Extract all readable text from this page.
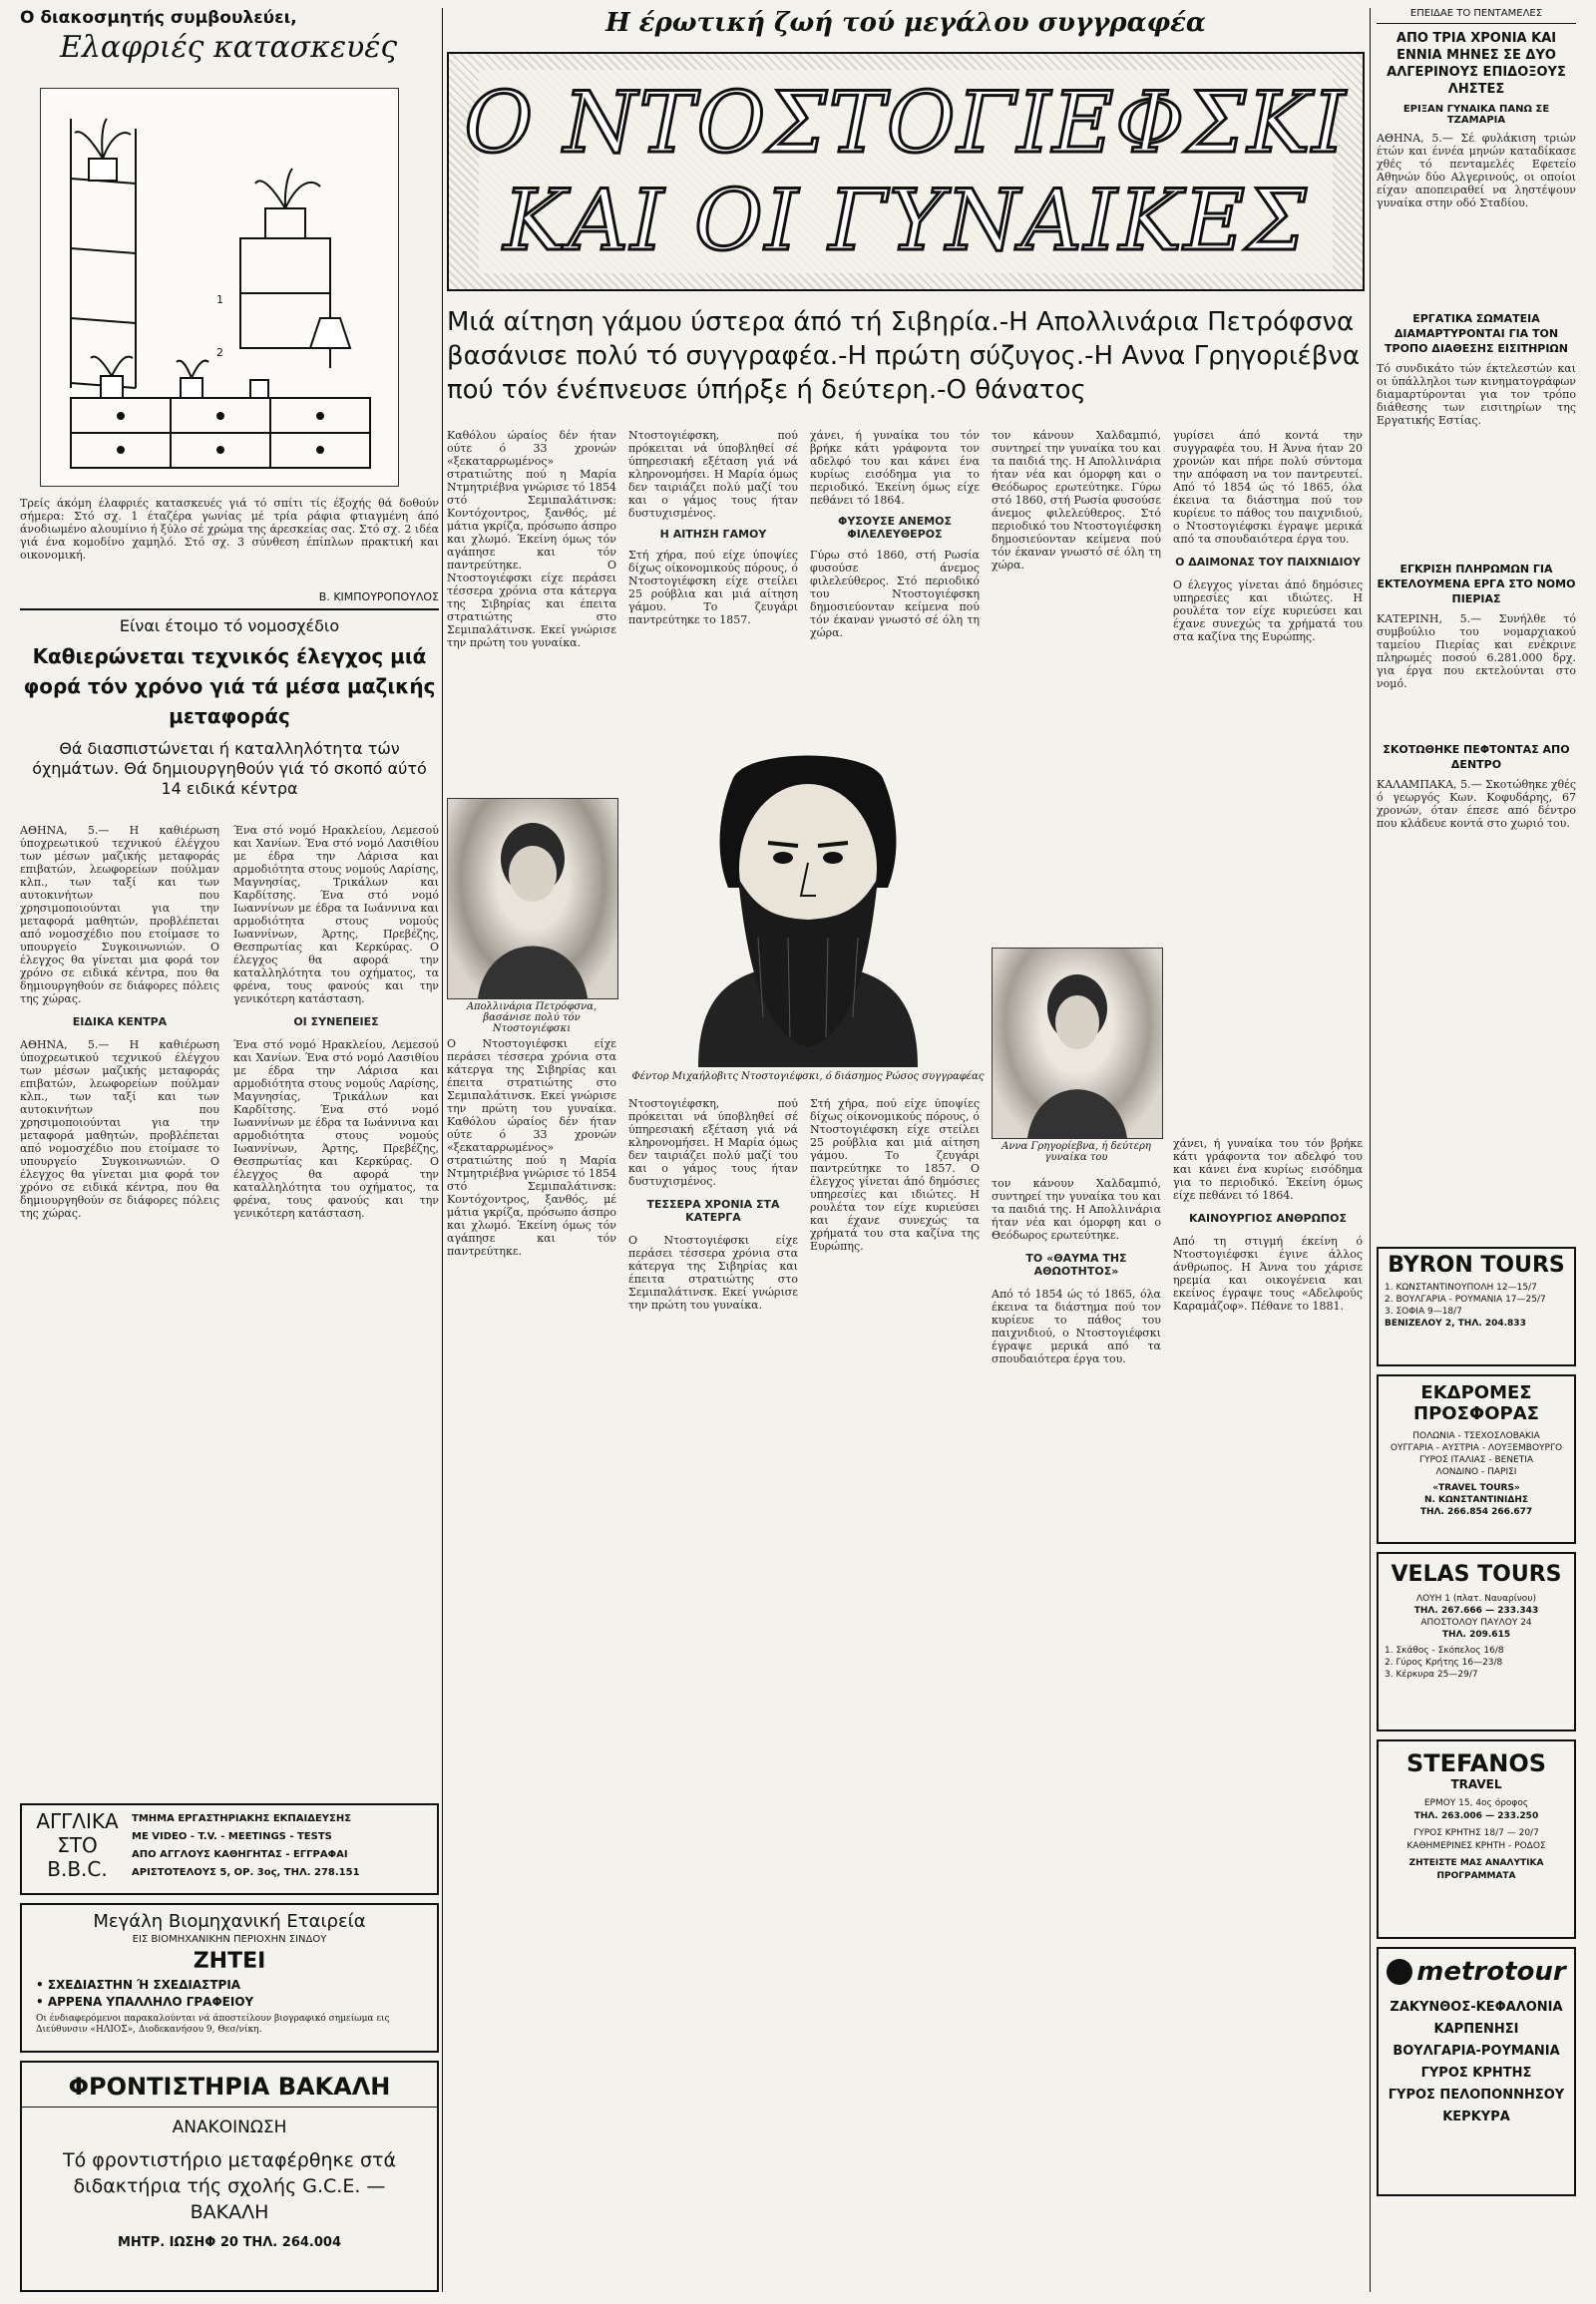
Ο διακοσμητής συμβουλεύει,
Ελαφριές κατασκευές
1
2
Τρείς άκόμη έλαφριές κατασκευές γιά τό σπίτι τίς έξοχής θά δοθούν σήμερα: Στό σχ. 1 έταζέρα γωνίας μέ τρία ράφια φτιαγμένη άπό άνοδιωμένο αλουμίνιο ή ξύλο σέ χρώμα της άρεσκείας σας. Στό σχ. 2 ιδέα γιά ένα κομοδίνο χαμηλό. Στό σχ. 3 σύνθεση έπίπλων πρακτική και οικονομική.
Β. ΚΙΜΠΟΥΡΟΠΟΥΛΟΣ
Είναι έτοιμο τό νομοσχέδιο
Καθιερώνεται τεχνικός έλεγχος μιά φορά τόν χρόνο γιά τά μέσα μαζικής μεταφοράς
Θά διασπιστώνεται ή καταλληλότητα τών όχημάτων. Θά δημιουργηθούν γιά τό σκοπό αύτό 14 ειδικά κέντρα
ΑΘΗΝΑ, 5.— Η καθιέρωση ύποχρεωτικού τεχνικού έλέγχου των μέσων μαζικής μεταφοράς επιβατών, λεωφορείων πούλμαν κλπ., των ταξί και των αυτοκινήτων που χρησιμοποιούνται για την μεταφορά μαθητών, προβλέπεται από νομοσχέδιο που ετοίμασε το υπουργείο Συγκοινωνιών. Ο έλεγχος θα γίνεται μια φορά τον χρόνο σε ειδικά κέντρα, που θα δημιουργηθούν σε διάφορες πόλεις της χώρας.
ΕΙΔΙΚΑ ΚΕΝΤΡΑ
ΑΘΗΝΑ, 5.— Η καθιέρωση ύποχρεωτικού τεχνικού έλέγχου των μέσων μαζικής μεταφοράς επιβατών, λεωφορείων πούλμαν κλπ., των ταξί και των αυτοκινήτων που χρησιμοποιούνται για την μεταφορά μαθητών, προβλέπεται από νομοσχέδιο που ετοίμασε το υπουργείο Συγκοινωνιών. Ο έλεγχος θα γίνεται μια φορά τον χρόνο σε ειδικά κέντρα, που θα δημιουργηθούν σε διάφορες πόλεις της χώρας.
Ένα στό νομό Ηρακλείου, Λεμεσού και Χανίων. Ένα στό νομό Λασιθίου με έδρα την Λάρισα και αρμοδιότητα στους νομούς Λαρίσης, Μαγνησίας, Τρικάλων και Καρδίτσης. Ένα στό νομό Ιωαννίνων με έδρα τα Ιωάννινα και αρμοδιότητα στους νομούς Ιωαννίνων, Άρτης, Πρεβέζης, Θεσπρωτίας και Κερκύρας. Ο έλεγχος θα αφορά την καταλληλότητα του οχήματος, τα φρένα, τους φανούς και την γενικότερη κατάσταση.
ΟΙ ΣΥΝΕΠΕΙΕΣ
Ένα στό νομό Ηρακλείου, Λεμεσού και Χανίων. Ένα στό νομό Λασιθίου με έδρα την Λάρισα και αρμοδιότητα στους νομούς Λαρίσης, Μαγνησίας, Τρικάλων και Καρδίτσης. Ένα στό νομό Ιωαννίνων με έδρα τα Ιωάννινα και αρμοδιότητα στους νομούς Ιωαννίνων, Άρτης, Πρεβέζης, Θεσπρωτίας και Κερκύρας. Ο έλεγχος θα αφορά την καταλληλότητα του οχήματος, τα φρένα, τους φανούς και την γενικότερη κατάσταση.
ΑΓΓΛΙΚΑ
ΣΤΟ
B.B.C.
ΤΜΗΜΑ ΕΡΓΑΣΤΗΡΙΑΚΗΣ ΕΚΠΑΙΔΕΥΣΗΣ
ME VIDEO - T.V. - MEETINGS - TESTS
ΑΠΟ ΑΓΓΛΟΥΣ ΚΑΘΗΓΗΤΑΣ - ΕΓΓΡΑΦΑΙ
ΑΡΙΣΤΟΤΕΛΟΥΣ 5, ΟΡ. 3ος, ΤΗΛ. 278.151
Μεγάλη Βιομηχανική Εταιρεία
ΕΙΣ ΒΙΟΜΗΧΑΝΙΚΗΝ ΠΕΡΙΟΧΗΝ ΣΙΝΔΟΥ
ΖΗΤΕΙ
• ΣΧΕΔΙΑΣΤΗΝ Ή ΣΧΕΔΙΑΣΤΡΙΑ
• ΑΡΡΕΝΑ ΥΠΑΛΛΗΛΟ ΓΡΑΦΕΙΟΥ
Οι ένδιαφερόμενοι παρακαλούνται νά άποστείλουν βιογραφικό σημείωμα εις Διεύθυνσιν «ΗΛΙΟΣ», Διοδεκανήσου 9, Θεσ/νίκη.
ΦΡΟΝΤΙΣΤΗΡΙΑ ΒΑΚΑΛΗ
ΑΝΑΚΟΙΝΩΣΗ
Τό φροντιστήριο μεταφέρθηκε στά διδακτήρια τής σχολής G.C.E. — ΒΑΚΑΛΗ
ΜΗΤΡ. ΙΩΣΗΦ 20 ΤΗΛ. 264.004
Η έρωτική ζωή τού μεγάλου συγγραφέα
Ο ΝΤΟΣΤΟΓΙΕΦΣΚΙ
ΚΑΙ ΟΙ ΓΥΝΑΙΚΕΣ
Μιά αίτηση γάμου ύστερα άπό τή Σιβηρία.-Η Απολλινάρια Πετρόφσνα βασάνισε πολύ τό συγγραφέα.-Η πρώτη σύζυγος.-Η Αννα Γρηγοριέβνα πού τόν ένέπνευσε ύπήρξε ή δεύτερη.-Ο θάνατος
Καθόλου ώραίος δέν ήταν ούτε ό 33 χρονών «ξεκαταρρωμένος» στρατιώτης πού η Μαρία Ντμητριέβνα γνώρισε τό 1854 στό Σεμιπαλάτινσκ: Κοντόχοντρος, ξανθός, μέ μάτια γκρίζα, πρόσωπο άσπρο και χλωμό. Έκείνη όμως τόν αγάπησε και τόν παντρεύτηκε.	Ο Ντοστογιέφσκι είχε περάσει τέσσερα χρόνια στα κάτεργα της Σιβηρίας και έπειτα στρατιώτης στο Σεμιπαλάτινσκ. Εκεί γνώρισε την πρώτη του γυναίκα.
Ντοστογιέφσκη, πού πρόκειται νά ύποβληθεί σέ ύπηρεσιακή εξέταση γιά νά κληρονομήσει. Η Μαρία όμως δεν ταιριάζει πολύ μαζί του και ο γάμος τους ήταν δυστυχισμένος.
Η ΑΙΤΗΣΗ ΓΑΜΟΥ
Στή χήρα, πού είχε ύποψίες δίχως οίκονομικούς πόρους, ό Ντοστογιέφσκη είχε στείλει 25 ρούβλια και μιά αίτηση γάμου. Το ζευγάρι παντρεύτηκε το 1857.
χάνει, ή γυναίκα του τόν βρήκε κάτι γράφοντα τον αδελφό του και κάνει ένα κυρίως εισόδημα για το περιοδικό. Έκείνη όμως είχε πεθάνει τό 1864.
ΦΥΣΟΥΣΕ ΑΝΕΜΟΣ ΦΙΛΕΛΕΥΘΕΡΟΣ
Γύρω στό 1860, στή Ρωσία φυσούσε άνεμος φιλελεύθερος. Στό περιοδικό του Ντοστογιέφσκη δημοσιεύονταν κείμενα πού τόν έκαναν γνωστό σέ όλη τη χώρα.
τον κάνουν Χαλδαμπιό, συντηρεί την γυναίκα του και τα παιδιά της. Η Απολλινάρια ήταν νέα και όμορφη και ο Θεόδωρος ερωτεύτηκε. Γύρω στό 1860, στή Ρωσία φυσούσε άνεμος φιλελεύθερος. Στό περιοδικό του Ντοστογιέφσκη δημοσιεύονταν κείμενα πού τόν έκαναν γνωστό σέ όλη τη χώρα.
γυρίσει άπό κοντά την συγγραφέα του. Η Άννα ήταν 20 χρονών και πήρε πολύ σύντομα την απόφαση να τον παντρευτεί. Από τό 1854 ώς τό 1865, όλα έκεινα τα διάστημα πού τον κυρίευε το πάθος του παιχνιδιού, ο Ντοστογιέφσκι έγραψε μερικά από τα σπουδαιότερα έργα του.
Ο ΔΑΙΜΟΝΑΣ ΤΟΥ ΠΑΙΧΝΙΔΙΟΥ
Ο έλεγχος γίνεται άπό δημόσιες υπηρεσίες και ιδιώτες. Η ρουλέτα τον είχε κυριεύσει και έχανε συνεχώς τα χρήματά του στα καζίνα της Ευρώπης.
Φέντορ Μιχαήλοβιτς Ντοστογιέφσκι, ό διάσημος Ρώσος συγγραφέας
Απολλινάρια Πετρόφσνα, βασάνισε πολύ τόν Ντοστογιέφσκι
Αννα Γρηγορίεβνα, ή δεύτερη γυναίκα του
Ο Ντοστογιέφσκι είχε περάσει τέσσερα χρόνια στα κάτεργα της Σιβηρίας και έπειτα στρατιώτης στο Σεμιπαλάτινσκ. Εκεί γνώρισε την πρώτη του γυναίκα. Καθόλου ώραίος δέν ήταν ούτε ό 33 χρονών «ξεκαταρρωμένος» στρατιώτης πού η Μαρία Ντμητριέβνα γνώρισε τό 1854 στό Σεμιπαλάτινσκ: Κοντόχοντρος, ξανθός, μέ μάτια γκρίζα, πρόσωπο άσπρο και χλωμό. Έκείνη όμως τόν αγάπησε και τόν παντρεύτηκε.
Ντοστογιέφσκη, πού πρόκειται νά ύποβληθεί σέ ύπηρεσιακή εξέταση γιά νά κληρονομήσει. Η Μαρία όμως δεν ταιριάζει πολύ μαζί του και ο γάμος τους ήταν δυστυχισμένος.
ΤΕΣΣΕΡΑ ΧΡΟΝΙΑ ΣΤΑ ΚΑΤΕΡΓΑ
Ο Ντοστογιέφσκι είχε περάσει τέσσερα χρόνια στα κάτεργα της Σιβηρίας και έπειτα στρατιώτης στο Σεμιπαλάτινσκ. Εκεί γνώρισε την πρώτη του γυναίκα.
Στή χήρα, πού είχε ύποψίες δίχως οίκονομικούς πόρους, ό Ντοστογιέφσκη είχε στείλει 25 ρούβλια και μιά αίτηση γάμου. Το ζευγάρι παντρεύτηκε το 1857. Ο έλεγχος γίνεται άπό δημόσιες υπηρεσίες και ιδιώτες. Η ρουλέτα τον είχε κυριεύσει και έχανε συνεχώς τα χρήματά του στα καζίνα της Ευρώπης.
τον κάνουν Χαλδαμπιό, συντηρεί την γυναίκα του και τα παιδιά της. Η Απολλινάρια ήταν νέα και όμορφη και ο Θεόδωρος ερωτεύτηκε.
ΤΟ «ΘΑΥΜΑ ΤΗΣ ΑΘΩΟΤΗΤΟΣ»
Από τό 1854 ώς τό 1865, όλα έκεινα τα διάστημα πού τον κυρίευε το πάθος του παιχνιδιού, ο Ντοστογιέφσκι έγραψε μερικά από τα σπουδαιότερα έργα του.
χάνει, ή γυναίκα του τόν βρήκε κάτι γράφοντα τον αδελφό του και κάνει ένα κυρίως εισόδημα για το περιοδικό. Έκείνη όμως είχε πεθάνει τό 1864.
ΚΑΙΝΟΥΡΓΙΟΣ ΑΝΘΡΩΠΟΣ
Από τη στιγμή έκείνη ό Ντοστογιέφσκι έγινε άλλος άνθρωπος. Η Άννα του χάρισε ηρεμία και οικογένεια και εκείνος έγραψε τους «Αδελφούς Καραμάζοφ». Πέθανε το 1881.
ΕΠΕΙΔΑΕ ΤΟ ΠΕΝΤΑΜΕΛΕΣ
ΑΠΟ ΤΡΙΑ ΧΡΟΝΙΑ ΚΑΙ ΕΝΝΙΑ ΜΗΝΕΣ ΣΕ ΔΥΟ ΑΛΓΕΡΙΝΟΥΣ ΕΠΙΔΟΞΟΥΣ ΛΗΣΤΕΣ
ΕΡΙΞΑΝ ΓΥΝΑΙΚΑ ΠΑΝΩ ΣΕ ΤΖΑΜΑΡΙΑ
ΑΘΗΝΑ, 5.— Σέ φυλάκιση τριών έτών και έννέα μηνών καταδίκασε χθές τό πενταμελές Εφετείο Αθηνών δύο Αλγερινούς, οι οποίοι είχαν αποπειραθεί να ληστέψουν γυναίκα στην οδό Σταδίου.
ΕΡΓΑΤΙΚΑ ΣΩΜΑΤΕΙΑ ΔΙΑΜΑΡΤΥΡΟΝΤΑΙ ΓΙΑ ΤΟΝ ΤΡΟΠΟ ΔΙΑΘΕΣΗΣ ΕΙΣΙΤΗΡΙΩΝ
Τό συνδικάτο τών έκτελεστών και οι ύπάλληλοι των κινηματογράφων διαμαρτύρονται για τον τρόπο διάθεσης των εισιτηρίων της Εργατικής Εστίας.
ΕΓΚΡΙΣΗ ΠΛΗΡΩΜΩΝ ΓΙΑ ΕΚΤΕΛΟΥΜΕΝΑ ΕΡΓΑ ΣΤΟ ΝΟΜΟ ΠΙΕΡΙΑΣ
ΚΑΤΕΡΙΝΗ, 5.— Συνήλθε τό συμβούλιο του νομαρχιακού ταμείου Πιερίας και ενέκρινε πληρωμές ποσού 6.281.000 δρχ. για έργα που εκτελούνται στο νομό.
ΣΚΟΤΩΘΗΚΕ ΠΕΦΤΟΝΤΑΣ ΑΠΟ ΔΕΝΤΡΟ
ΚΑΛΑΜΠΑΚΑ, 5.— Σκοτώθηκε χθές ό γεωργός Κων. Κοφυδάρης, 67 χρονών, όταν έπεσε από δέντρο που κλάδευε κοντά στο χωριό του.
BYRON TOURS
1. ΚΩΝΣΤΑΝΤΙΝΟΥΠΟΛΗ 12—15/7
2. ΒΟΥΛΓΑΡΙΑ - ΡΟΥΜΑΝΙΑ 17—25/7
3. ΣΟΦΙΑ 9—18/7
ΒΕΝΙΖΕΛΟΥ 2, ΤΗΛ. 204.833
ΕΚΔΡΟΜΕΣ ΠΡΟΣΦΟΡΑΣ
ΠΟΛΩΝΙΑ - ΤΣΕΧΟΣΛΟΒΑΚΙΑ
ΟΥΓΓΑΡΙΑ - ΑΥΣΤΡΙΑ - ΛΟΥΞΕΜΒΟΥΡΓΟ
ΓΥΡΟΣ ΙΤΑΛΙΑΣ - ΒΕΝΕΤΙΑ
ΛΟΝΔΙΝΟ - ΠΑΡΙΣΙ
«TRAVEL TOURS»
Ν. ΚΩΝΣΤΑΝΤΙΝΙΔΗΣ
ΤΗΛ. 266.854 266.677
VELAS TOURS
ΛΟΥΗ 1 (πλατ. Ναυαρίνου)
ΤΗΛ. 267.666 — 233.343
ΑΠΟΣΤΟΛΟΥ ΠΑΥΛΟΥ 24
ΤΗΛ. 209.615
1. Σκάθος - Σκόπελος 16/8
2. Γύρος Κρήτης 16—23/8
3. Κέρκυρα 25—29/7
STEFANOS
TRAVEL
ΕΡΜΟΥ 15, 4ος όροφος
ΤΗΛ. 263.006 — 233.250
ΓΥΡΟΣ ΚΡΗΤΗΣ 18/7 — 20/7
ΚΑΘΗΜΕΡΙΝΕΣ ΚΡΗΤΗ - ΡΟΔΟΣ
ΖΗΤΕΙΣΤΕ ΜΑΣ ΑΝΑΛΥΤΙΚΑ ΠΡΟΓΡΑΜΜΑΤΑ
metrotour
ΖΑΚΥΝΘΟΣ-ΚΕΦΑΛΟΝΙΑ
ΚΑΡΠΕΝΗΣΙ
ΒΟΥΛΓΑΡΙΑ-ΡΟΥΜΑΝΙΑ
ΓΥΡΟΣ ΚΡΗΤΗΣ
ΓΥΡΟΣ ΠΕΛΟΠΟΝΝΗΣΟΥ
ΚΕΡΚΥΡΑ
